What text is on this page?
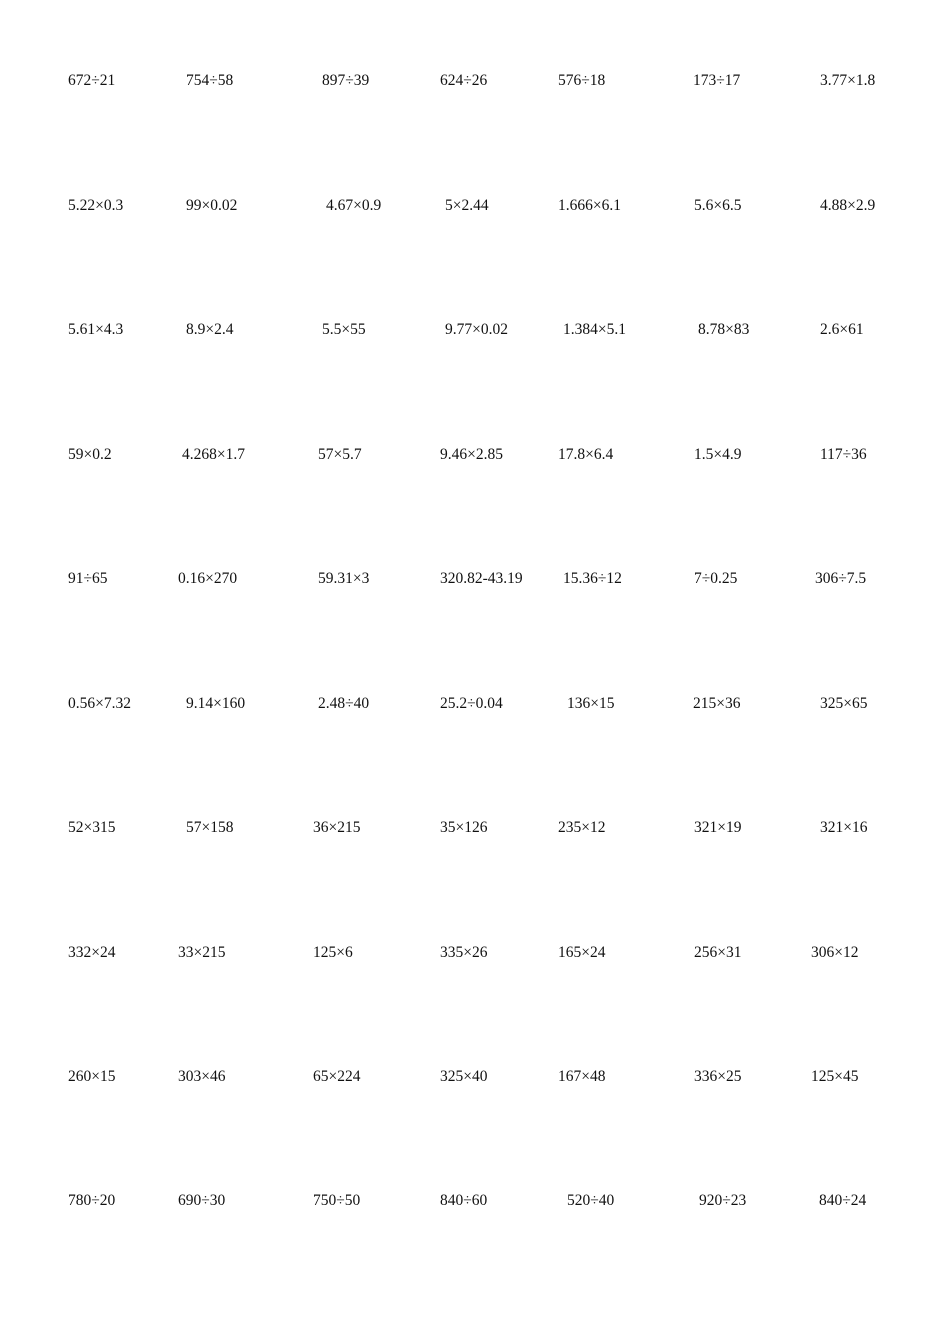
672÷21	754÷58	897÷39	624÷26	576÷18	173÷17	3.77×1.8
5.22×0.3	99×0.02	4.67×0.9	5×2.44	1.666×6.1	5.6×6.5	4.88×2.9
5.61×4.3	8.9×2.4	5.5×55	9.77×0.02	1.384×5.1	8.78×83	2.6×61
59×0.2	4.268×1.7	57×5.7	9.46×2.85	17.8×6.4	1.5×4.9	117÷36
91÷65	0.16×270	59.31×3	320.82-43.19	15.36÷12	7÷0.25	306÷7.5
0.56×7.32	9.14×160	2.48÷40	25.2÷0.04	136×15	215×36	325×65
52×315	57×158	36×215	35×126	235×12	321×19	321×16
332×24	33×215	125×6	335×26	165×24	256×31	306×12
260×15	303×46	65×224	325×40	167×48	336×25	125×45
780÷20	690÷30	750÷50	840÷60	520÷40	920÷23	840÷24
